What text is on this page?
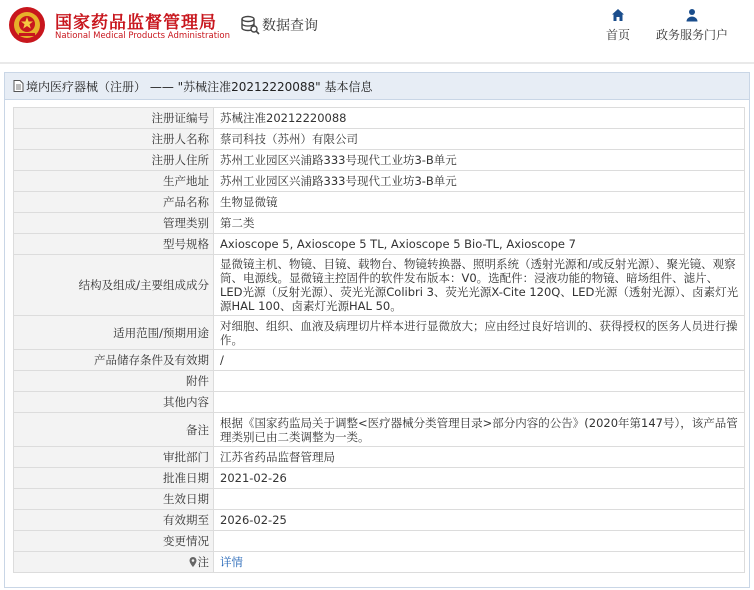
国家药品监督管理局
National Medical Products Administration
数据查询
首页 政务服务门户
境内医疗器械（注册） —— "苏械注准20212220088" 基本信息
注册证编号	苏械注准20212220088
注册人名称	蔡司科技（苏州）有限公司
注册人住所	苏州工业园区兴浦路333号现代工业坊3-B单元
生产地址	苏州工业园区兴浦路333号现代工业坊3-B单元
产品名称	生物显微镜
管理类别	第二类
型号规格	Axioscope 5, Axioscope 5 TL, Axioscope 5 Bio-TL, Axioscope 7
结构及组成/主要组成成分	显微镜主机、物镜、目镜、载物台、物镜转换器、照明系统（透射光源和/或反射光源）、聚光镜、观察筒、电源线。显微镜主控固件的软件发布版本：V0。选配件：浸液功能的物镜、暗场组件、滤片、LED光源（反射光源）、荧光光源Colibri 3、荧光光源X-Cite 120Q、LED光源（透射光源）、卤素灯光源HAL 100、卤素灯光源HAL 50。
适用范围/预期用途	对细胞、组织、血液及病理切片样本进行显微放大；应由经过良好培训的、获得授权的医务人员进行操作。
产品储存条件及有效期	/
附件	
其他内容	
备注	根据《国家药监局关于调整<医疗器械分类管理目录>部分内容的公告》(2020年第147号），该产品管理类别已由二类调整为一类。
审批部门	江苏省药品监督管理局
批准日期	2021-02-26
生效日期	
有效期至	2026-02-25
变更情况	
注	详情
